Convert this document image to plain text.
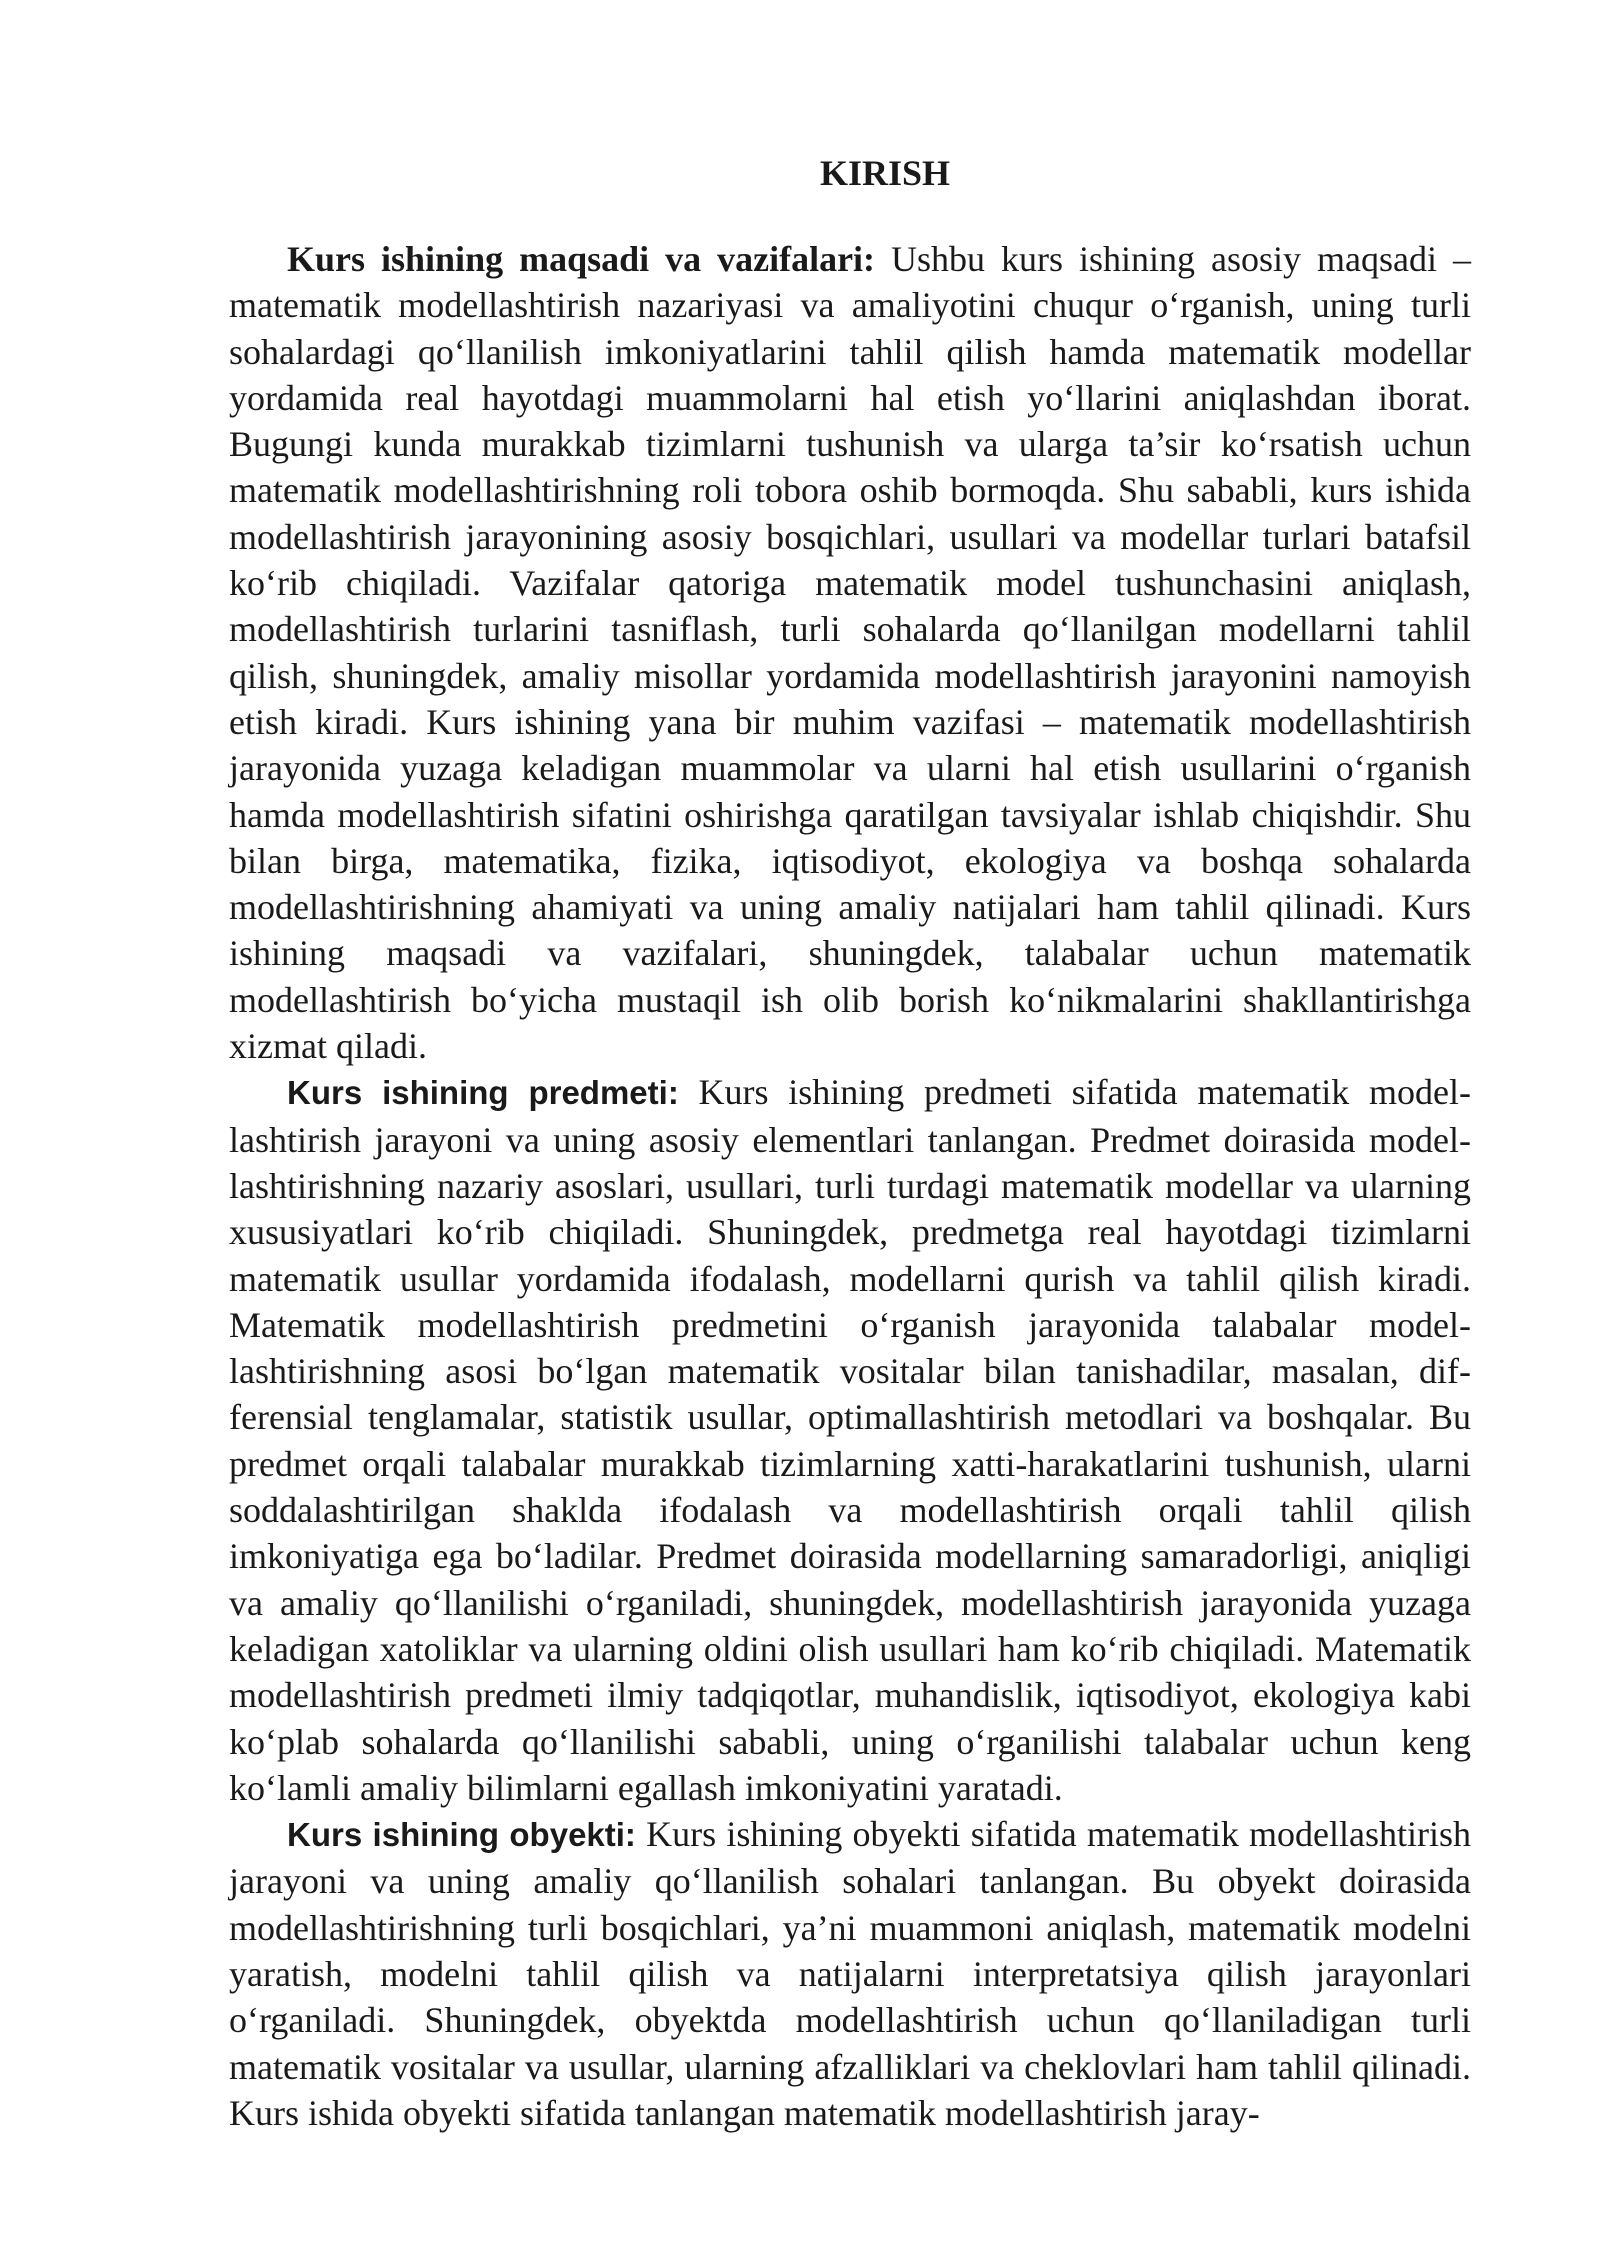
KIRISH

Kurs ishining maqsadi va vazifalari: Ushbu kurs ishining asosiy maqsadi – matematik modellashtirish nazariyasi va amaliyotini chuqur o‘rganish, uning turli sohalardagi qo‘llanilish imkoniyatlarini tahlil qilish hamda matematik modellar yordamida real hayotdagi muammolarni hal etish yo‘llarini aniqlashdan iborat. Bugungi kunda murakkab tizimlarni tushunish va ularga ta’sir ko‘rsatish uchun matematik modellashtirishning roli tobora oshib bormoqda. Shu sababli, kurs ishida modellashtirish jarayonining asosiy bosqichlari, usullari va modellar turlari batafsil ko‘rib chiqiladi. Vazifalar qatoriga matematik model tushunchasini aniqlash, modellashtirish turlarini tasniflash, turli sohalarda qo‘llanilgan modellarni tahlil qilish, shuningdek, amaliy misollar yordamida modellashtirish jarayonini namoyish etish kiradi. Kurs ishining yana bir muhim vazifasi – matematik modellashtirish jarayonida yuzaga keladigan muammolar va ularni hal etish usullarini o‘rganish hamda modellashtirish sifatini oshirishga qaratilgan tavsiyalar ishlab chiqishdir. Shu bilan birga, matematika, fizika, iqtisodiyot, ekologiya va boshqa sohalarda modellashtirishning ahamiyati va uning amaliy natijalari ham tahlil qilinadi. Kurs ishining maqsadi va vazifalari, shuningdek, talabalar uchun matematik modellashtirish bo‘yicha mustaqil ish olib borish ko‘nikmalarini shakllantirishga xizmat qiladi.

Kurs ishining predmeti: Kurs ishining predmeti sifatida matematik modellashtirish jarayoni va uning asosiy elementlari tanlangan. Predmet doirasida modellashtirishning nazariy asoslari, usullari, turli turdagi matematik modellar va ularning xususiyatlari ko‘rib chiqiladi. Shuningdek, predmetga real hayotdagi tizimlarni matematik usullar yordamida ifodalash, modellarni qurish va tahlil qilish kiradi. Matematik modellashtirish predmetini o‘rganish jarayonida talabalar modellashtirishning asosi bo‘lgan matematik vositalar bilan tanishadilar, masalan, differensial tenglamalar, statistik usullar, optimallashtirish metodlari va boshqalar. Bu predmet orqali talabalar murakkab tizimlarning xatti-harakatlarini tushunish, ularni soddalashtirilgan shaklda ifodalash va modellashtirish orqali tahlil qilish imkoniyatiga ega bo‘ladilar. Predmet doirasida modellarning samaradorligi, aniqligi va amaliy qo‘llanilishi o‘rganiladi, shuningdek, modellashtirish jarayonida yuzaga keladigan xatoliklar va ularning oldini olish usullari ham ko‘rib chiqiladi. Matematik modellashtirish predmeti ilmiy tadqiqotlar, muhandislik, iqtisodiyot, ekologiya kabi ko‘plab sohalarda qo‘llanilishi sababli, uning o‘rganilishi talabalar uchun keng ko‘lamli amaliy bilimlarni egallash imkoniyatini yaratadi.

Kurs ishining obyekti: Kurs ishining obyekti sifatida matematik modellashtirish jarayoni va uning amaliy qo‘llanilish sohalari tanlangan. Bu obyekt doirasida modellashtirishning turli bosqichlari, ya’ni muammoni aniqlash, matematik modelni yaratish, modelni tahlil qilish va natijalarni interpretatsiya qilish jarayonlari o‘rganiladi. Shuningdek, obyektda modellashtirish uchun qo‘llaniladigan turli matematik vositalar va usullar, ularning afzalliklari va cheklovlari ham tahlil qilinadi. Kurs ishida obyekti sifatida tanlangan matematik modellashtirish jaray-
